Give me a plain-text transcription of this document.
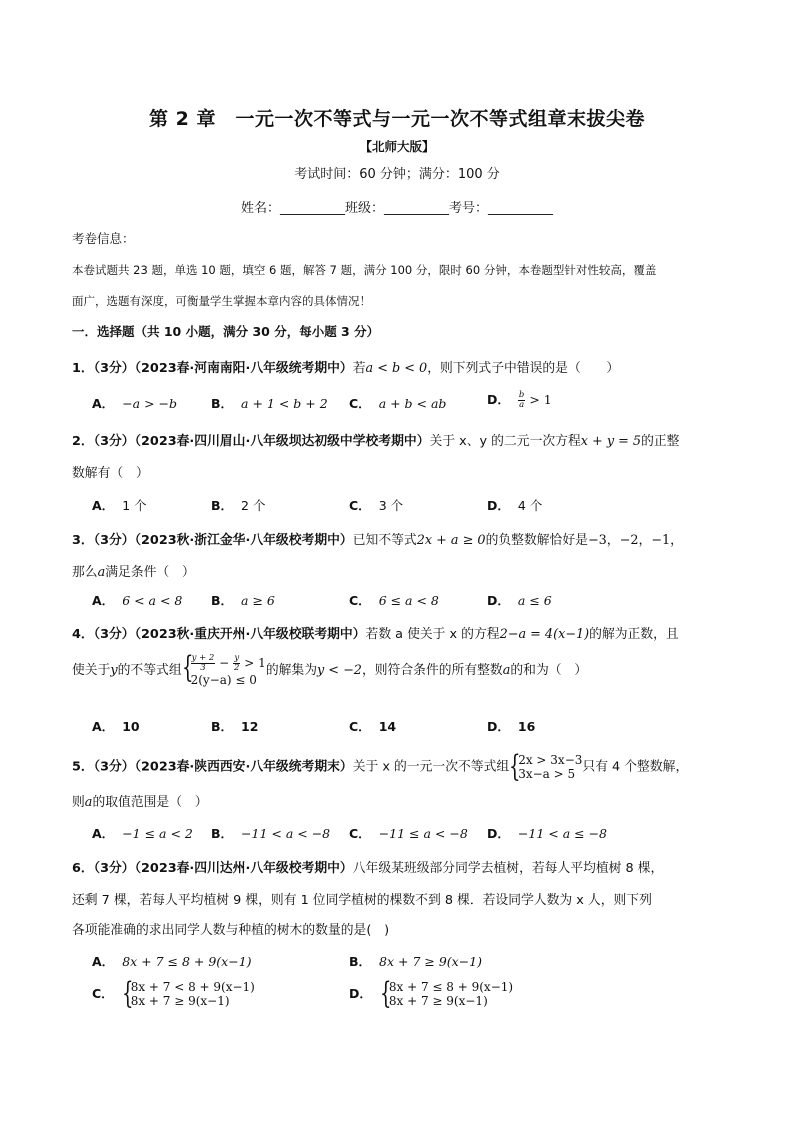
第 2 章　一元一次不等式与一元一次不等式组章末拔尖卷
【北师大版】
考试时间：60 分钟；满分：100 分
姓名：__________班级：__________考号：__________
考卷信息：
本卷试题共 23 题，单选 10 题，填空 6 题，解答 7 题，满分 100 分，限时 60 分钟，本卷题型针对性较高，覆盖
面广，选题有深度，可衡量学生掌握本章内容的具体情况！
一．选择题（共 10 小题，满分 30 分，每小题 3 分）
1．（3分）（2023春·河南南阳·八年级统考期中）若a < b < 0，则下列式子中错误的是（　　）
A． −a > −b	B． a + 1 < b + 2 C． a + b < ab	D． $\frac{b}{a} > 1$
2．（3分）（2023春·四川眉山·八年级坝达初级中学校考期中）关于 x、y 的二元一次方程x + y = 5的正整
数解有（　）
A． 1 个	B． 2 个	C． 3 个	D． 4 个
3．（3分）（2023秋·浙江金华·八年级校考期中）已知不等式2x + a ≥ 0的负整数解恰好是−3，−2，−1，
那么a满足条件（　）
A． 6 < a < 8 B． a ≥ 6	C． 6 ≤ a < 8	D． a ≤ 6
4．（3分）（2023秋·重庆开州·八年级校联考期中）若数 a 使关于 x 的方程2−a = 4(x−1)的解为正数，且
使关于y的不等式组 {
$\frac{y + 2}{3} - \frac{y}{2} > 1$
2(y−a) ≤ 0
的解集为y < −2，则符合条件的所有整数a的和为（　）
A． 10	B． 12	C． 14	D． 16
5．（3分）（2023春·陕西西安·八年级统考期末）关于 x 的一元一次不等式组 {
2x > 3x−3
3x−a > 5 只有 4 个整数解，
则a的取值范围是（　）
A． −1 ≤ a < 2 B． −11 < a < −8 C． −11 ≤ a < −8 D． −11 < a ≤ −8
6．（3分）（2023春·四川达州·八年级校考期中）八年级某班级部分同学去植树，若每人平均植树 8 棵，
还剩 7 棵，若每人平均植树 9 棵，则有 1 位同学植树的棵数不到 8 棵．若设同学人数为 x 人，则下列
各项能准确的求出同学人数与种植的树木的数量的是(　)
A． 8x + 7 ≤ 8 + 9(x−1)	B． 8x + 7 ≥ 9(x−1)
C． {
8x + 7 < 8 + 9(x−1)
8x + 7 ≥ 9(x−1)
D． {
8x + 7 ≤ 8 + 9(x−1)
8x + 7 ≥ 9(x−1)
